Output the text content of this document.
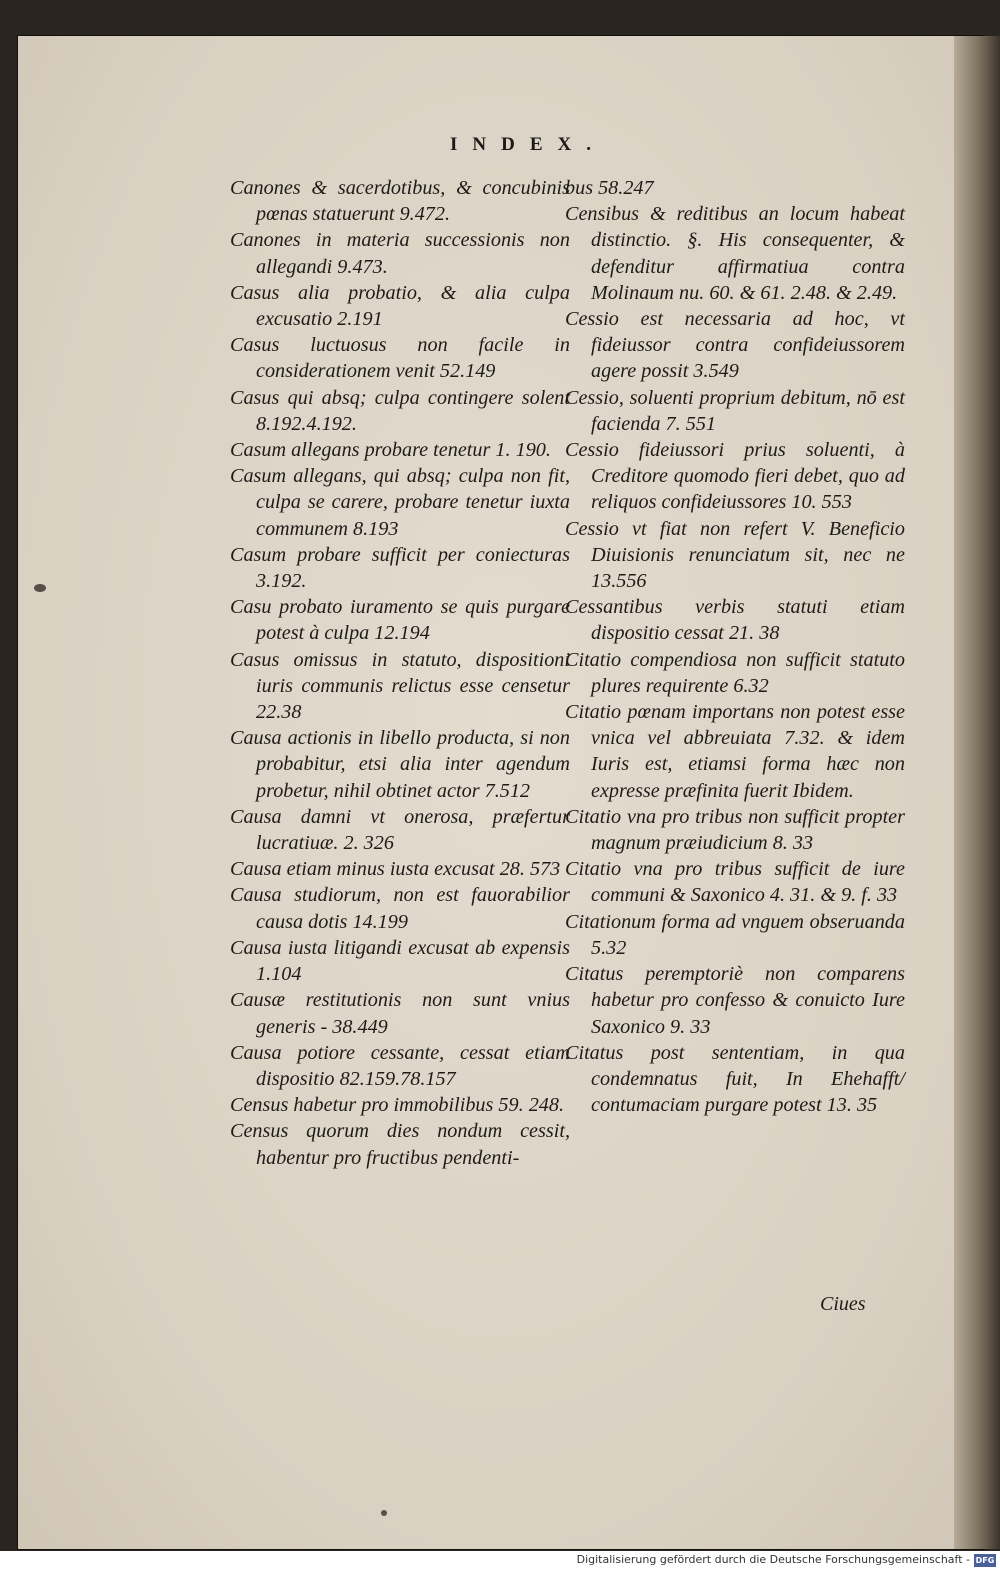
INDEX.

Canones & sacerdotibus, & concubinis pœnas statuerunt 9.472.

Canones in materia successionis non allegandi 9.473.

Casus alia probatio, & alia culpa excusatio 2.191

Casus luctuosus non facile in considerationem venit 52.149

Casus qui absq; culpa contingere solent 8.192.4.192.

Casum allegans probare tenetur 1. 190.

Casum allegans, qui absq; culpa non fit, culpa se carere, probare tenetur iuxta communem 8.193

Casum probare sufficit per coniecturas 3.192.

Casu probato iuramento se quis purgare potest à culpa 12.194

Casus omissus in statuto, dispositioni iuris communis relictus esse censetur 22.38

Causa actionis in libello producta, si non probabitur, etsi alia inter agendum probetur, nihil obtinet actor 7.512

Causa damni vt onerosa, præfertur lucratiuæ. 2. 326

Causa etiam minus iusta excusat 28. 573

Causa studiorum, non est fauorabilior causa dotis 14.199

Causa iusta litigandi excusat ab expensis 1.104

Causæ restitutionis non sunt vnius generis - 38.449

Causa potiore cessante, cessat etiam dispositio 82.159.78.157

Census habetur pro immobilibus 59. 248.

Census quorum dies nondum cessit, habentur pro fructibus pendenti-

bus 58.247

Censibus & reditibus an locum habeat distinctio. §. His consequenter, & defenditur affirmatiua contra Molinaum nu. 60. & 61. 2.48. & 2.49.

Cessio est necessaria ad hoc, vt fideiussor contra confideiussorem agere possit 3.549

Cessio, soluenti proprium debitum, nō est facienda 7. 551

Cessio fideiussori prius soluenti, à Creditore quomodo fieri debet, quo ad reliquos confideiussores 10. 553

Cessio vt fiat non refert V. Beneficio Diuisionis renunciatum sit, nec ne 13.556

Cessantibus verbis statuti etiam dispositio cessat 21. 38

Citatio compendiosa non sufficit statuto plures requirente 6.32

Citatio pœnam importans non potest esse vnica vel abbreuiata 7.32. & idem Iuris est, etiamsi forma hæc non expresse præfinita fuerit Ibidem.

Citatio vna pro tribus non sufficit propter magnum præiudicium 8. 33

Citatio vna pro tribus sufficit de iure communi & Saxonico 4. 31. & 9. f. 33

Citationum forma ad vnguem obseruanda 5.32

Citatus peremptoriè non comparens habetur pro confesso & conuicto Iure Saxonico 9. 33

Citatus post sententiam, in qua condemnatus fuit, In Ehehafft/ contumaciam purgare potest 13. 35

Ciues
Digitalisierung gefördert durch die Deutsche Forschungsgemeinschaft - DFG
